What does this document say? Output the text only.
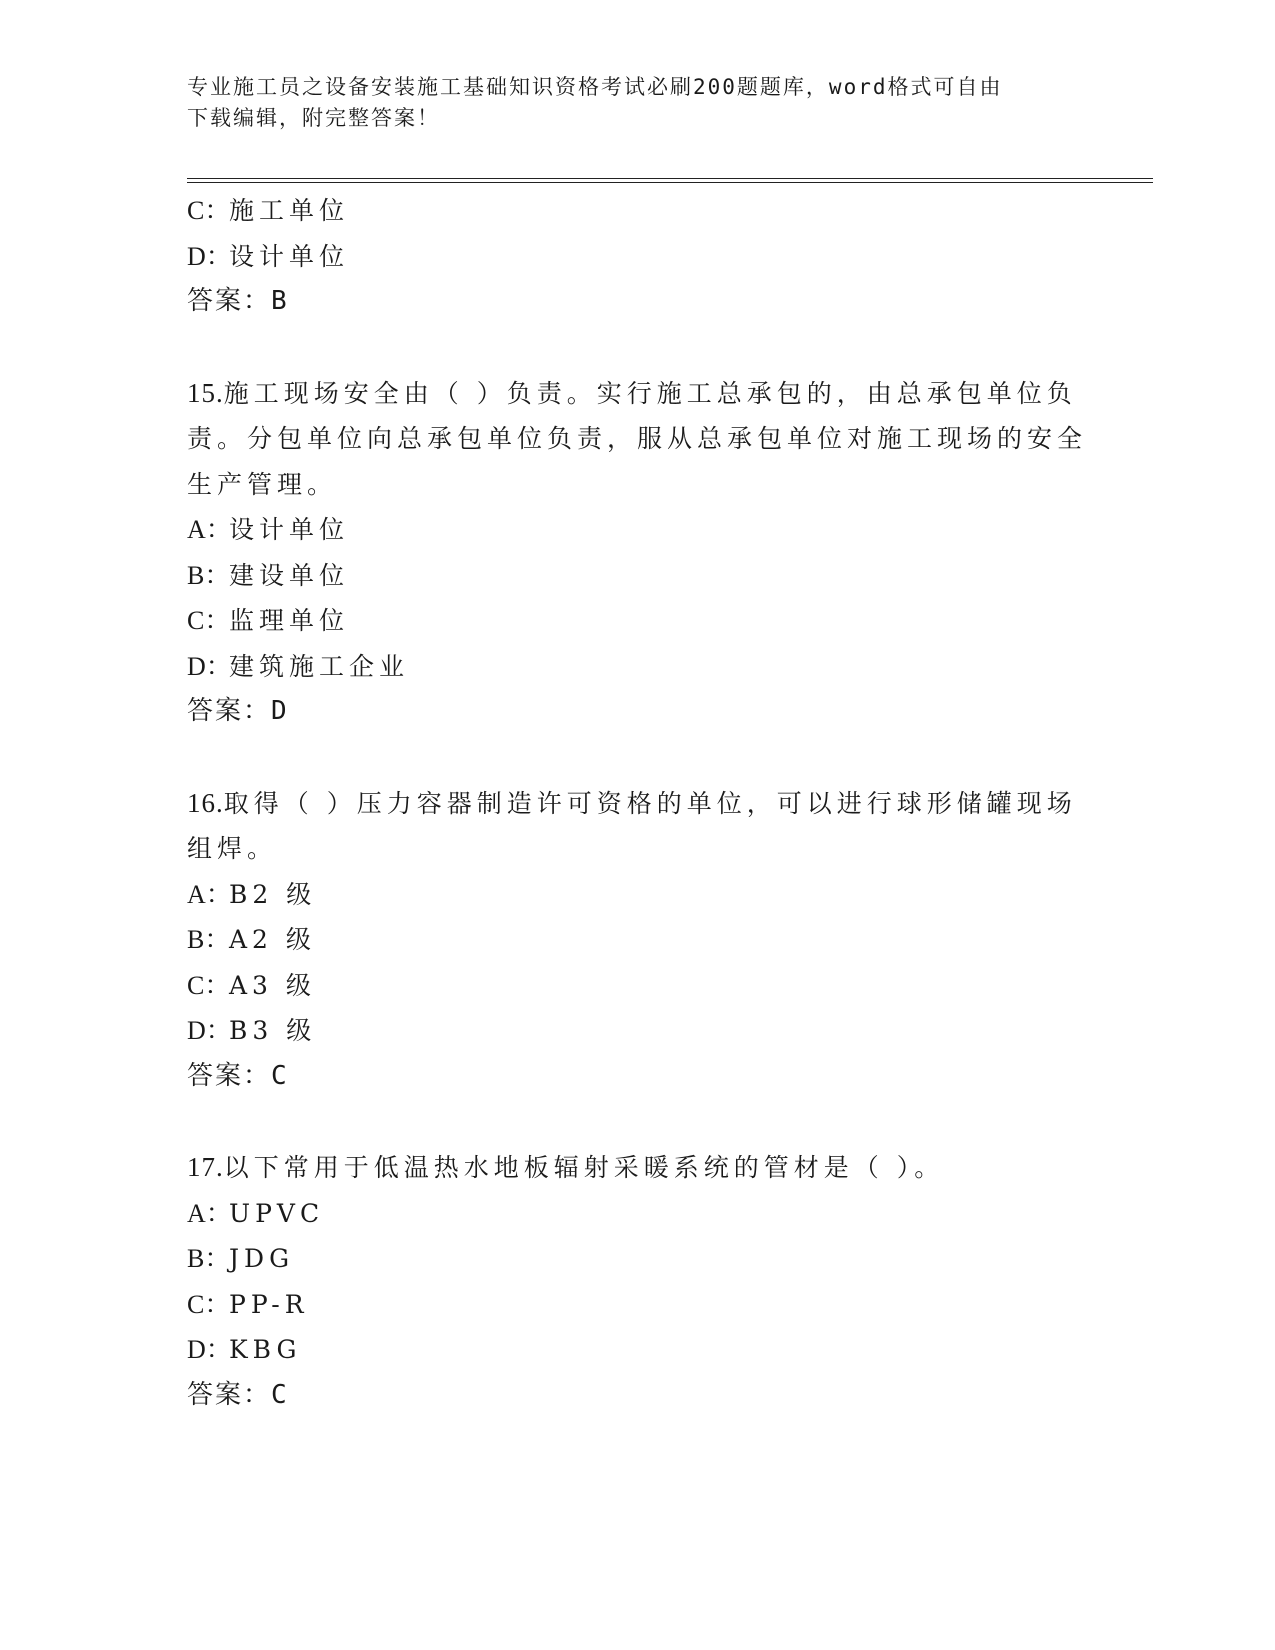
专业施工员之设备安装施工基础知识资格考试必刷200题题库，word格式可自由
下载编辑，附完整答案！
C：施工单位
D：设计单位
答案：B
15.施工现场安全由（ ）负责。实行施工总承包的，由总承包单位负
责。分包单位向总承包单位负责，服从总承包单位对施工现场的安全
生产管理。
A：设计单位
B：建设单位
C：监理单位
D：建筑施工企业
答案：D
16.取得（ ）压力容器制造许可资格的单位，可以进行球形储罐现场
组焊。
A：B2 级
B：A2 级
C：A3 级
D：B3 级
答案：C
17.以下常用于低温热水地板辐射采暖系统的管材是（ ）。
A：UPVC
B：JDG
C：PP-R
D：KBG
答案：C
